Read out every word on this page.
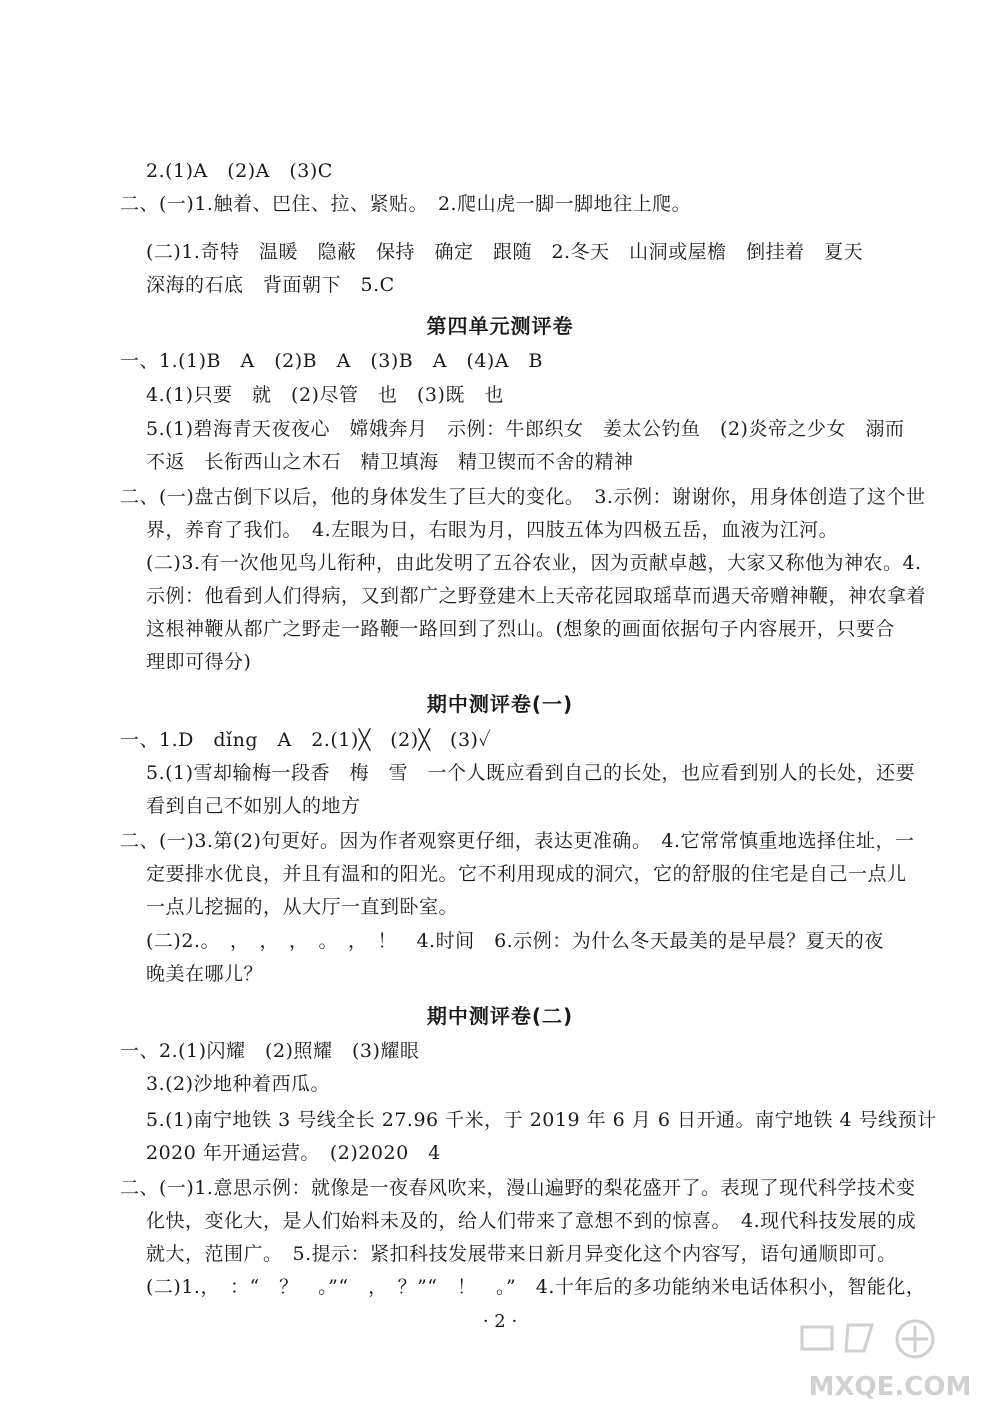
2.(1)A　(2)A　(3)C
二、(一)1.触着、巴住、拉、紧贴。　2.爬山虎一脚一脚地往上爬。
(二)1.奇特　温暖　隐蔽　保持　确定　跟随　2.冬天　山洞或屋檐　倒挂着　夏天
深海的石底　背面朝下　5.C
第四单元测评卷
一、1.(1)B　A　(2)B　A　(3)B　A　(4)A　B
4.(1)只要　就　(2)尽管　也　(3)既　也
5.(1)碧海青天夜夜心　嫦娥奔月　示例：牛郎织女　姜太公钓鱼　(2)炎帝之少女　溺而
不返　长衔西山之木石　精卫填海　精卫锲而不舍的精神
二、(一)盘古倒下以后，他的身体发生了巨大的变化。　3.示例：谢谢你，用身体创造了这个世
界，养育了我们。　4.左眼为日，右眼为月，四肢五体为四极五岳，血液为江河。
(二)3.有一次他见鸟儿衔种，由此发明了五谷农业，因为贡献卓越，大家又称他为神农。4.
示例：他看到人们得病，又到都广之野登建木上天帝花园取瑶草而遇天帝赠神鞭，神农拿着
这根神鞭从都广之野走一路鞭一路回到了烈山。(想象的画面依据句子内容展开，只要合
理即可得分)
期中测评卷(一)
一、1.D　dǐng　A　2.(1)╳　(2)╳　(3)✓
5.(1)雪却输梅一段香　梅　雪　一个人既应看到自己的长处，也应看到别人的长处，还要
看到自己不如别人的地方
二、(一)3.第(2)句更好。因为作者观察更仔细，表达更准确。　4.它常常慎重地选择住址，一
定要排水优良，并且有温和的阳光。它不利用现成的洞穴，它的舒服的住宅是自己一点儿
一点儿挖掘的，从大厅一直到卧室。
(二)2.。　，　，　，　。　，　！　4.时间　6.示例：为什么冬天最美的是早晨？夏天的夜
晚美在哪儿？
期中测评卷(二)
一、2.(1)闪耀　(2)照耀　(3)耀眼
3.(2)沙地种着西瓜。
5.(1)南宁地铁 3 号线全长 27.96 千米，于 2019 年 6 月 6 日开通。南宁地铁 4 号线预计
2020 年开通运营。　(2)2020　4
二、(一)1.意思示例：就像是一夜春风吹来，漫山遍野的梨花盛开了。表现了现代科学技术变
化快，变化大，是人们始料未及的，给人们带来了意想不到的惊喜。　4.现代科技发展的成
就大，范围广。　5.提示：紧扣科技发展带来日新月异变化这个内容写，语句通顺即可。
(二)1.，　：“　？　。”“　，　？”“　！　。”　4.十年后的多功能纳米电话体积小，智能化，
· 2 ·
MXQE.COM
